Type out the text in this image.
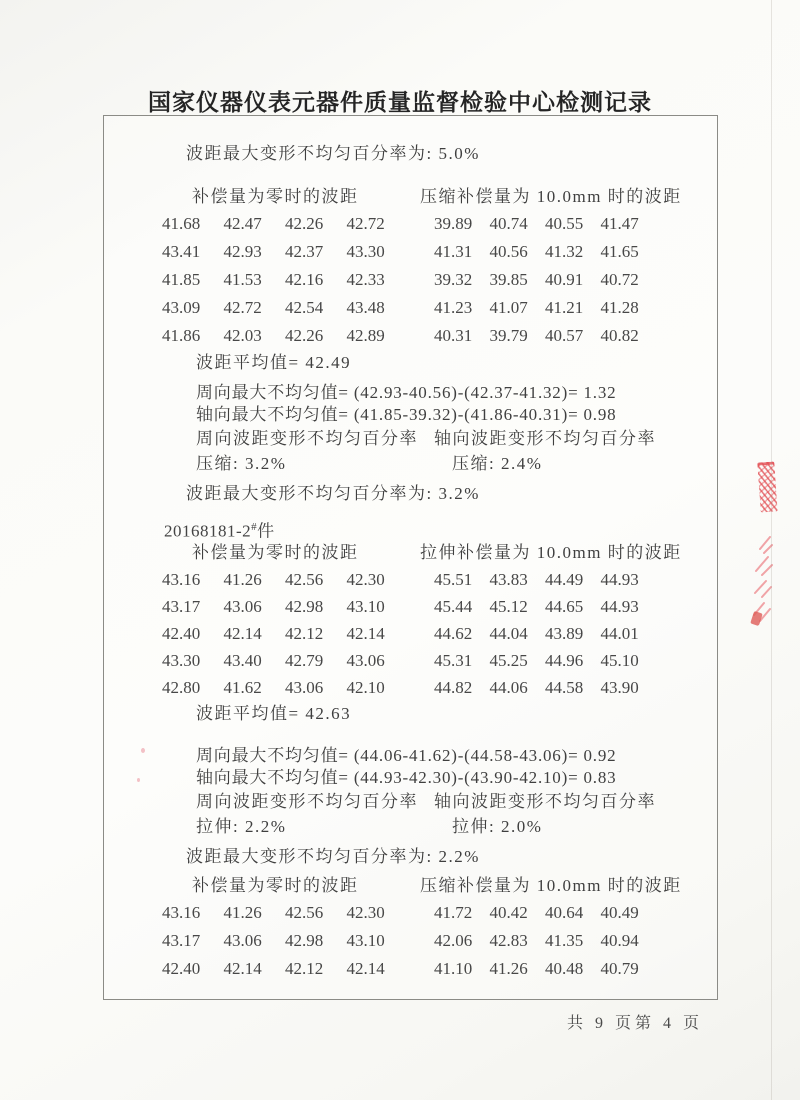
国家仪器仪表元器件质量监督检验中心检测记录
波距最大变形不均匀百分率为: 5.0%
补偿量为零时的波距	压缩补偿量为 10.0mm 时的波距
41.68 42.47 42.26 42.72	39.89 40.74 40.55 41.47
43.41 42.93 42.37 43.30	41.31 40.56 41.32 41.65
41.85 41.53 42.16 42.33	39.32 39.85 40.91 40.72
43.09 42.72 42.54 43.48	41.23 41.07 41.21 41.28
41.86 42.03 42.26 42.89	40.31 39.79 40.57 40.82
波距平均值= 42.49
周向最大不均匀值= (42.93-40.56)-(42.37-41.32)= 1.32
轴向最大不均匀值= (41.85-39.32)-(41.86-40.31)= 0.98
周向波距变形不均匀百分率 轴向波距变形不均匀百分率
压缩: 3.2%	压缩: 2.4%
波距最大变形不均匀百分率为: 3.2%
20168181-2#件
补偿量为零时的波距	拉伸补偿量为 10.0mm 时的波距
43.16 41.26 42.56 42.30	45.51 43.83 44.49 44.93
43.17 43.06 42.98 43.10	45.44 45.12 44.65 44.93
42.40 42.14 42.12 42.14	44.62 44.04 43.89 44.01
43.30 43.40 42.79 43.06	45.31 45.25 44.96 45.10
42.80 41.62 43.06 42.10	44.82 44.06 44.58 43.90
波距平均值= 42.63
周向最大不均匀值= (44.06-41.62)-(44.58-43.06)= 0.92
轴向最大不均匀值= (44.93-42.30)-(43.90-42.10)= 0.83
周向波距变形不均匀百分率 轴向波距变形不均匀百分率
拉伸: 2.2%	拉伸: 2.0%
波距最大变形不均匀百分率为: 2.2%
补偿量为零时的波距	压缩补偿量为 10.0mm 时的波距
43.16 41.26 42.56 42.30	41.72 40.42 40.64 40.49
43.17 43.06 42.98 43.10	42.06 42.83 41.35 40.94
42.40 42.14 42.12 42.14	41.10 41.26 40.48 40.79
共 9 页第 4 页
